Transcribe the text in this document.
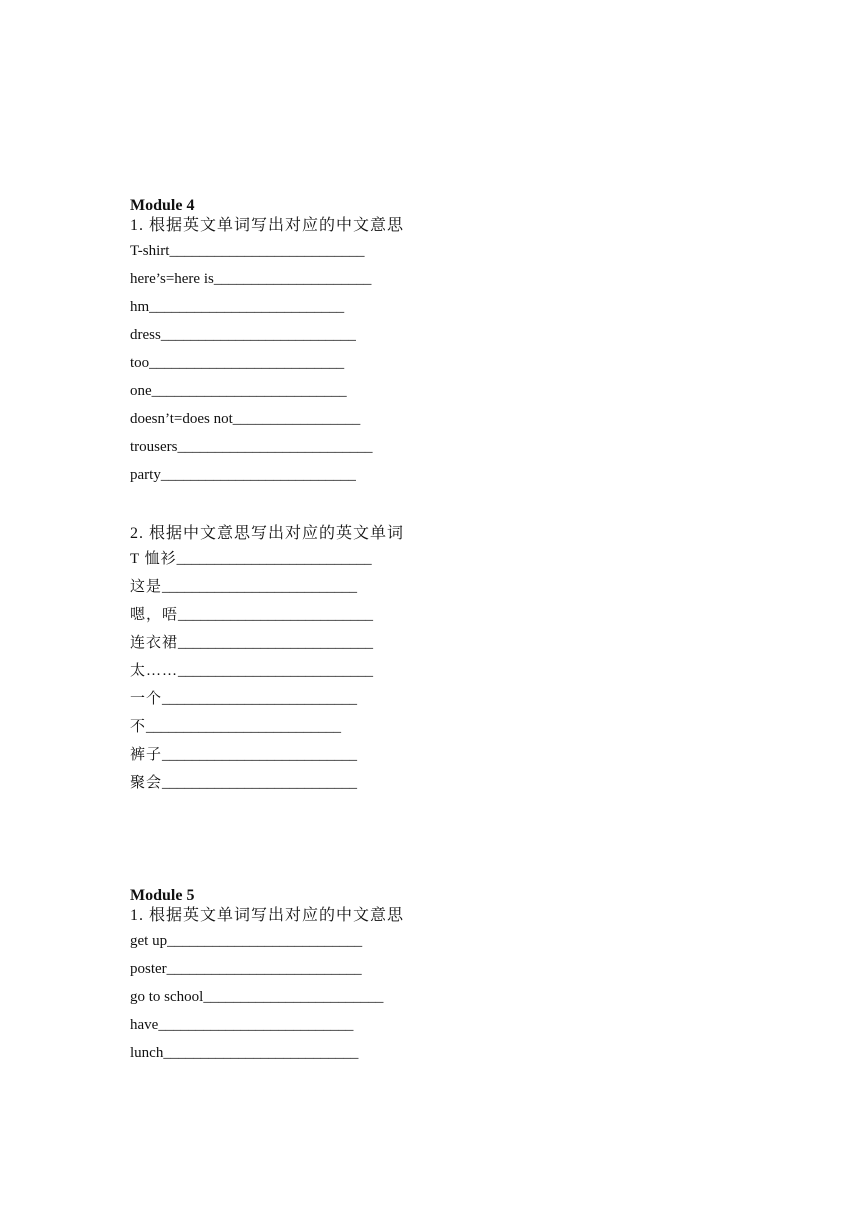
Module 4
1. 根据英文单词写出对应的中文意思
T-shirt__________________________
here’s=here is_____________________
hm__________________________
dress__________________________
too__________________________
one__________________________
doesn’t=does not_________________
trousers__________________________
party__________________________
2. 根据中文意思写出对应的英文单词
T 恤衫__________________________
这是__________________________
嗯，唔__________________________
连衣裙__________________________
太……__________________________
一个__________________________
不__________________________
裤子__________________________
聚会__________________________
Module 5
1. 根据英文单词写出对应的中文意思
get up__________________________
poster__________________________
go to school________________________
have__________________________
lunch__________________________
